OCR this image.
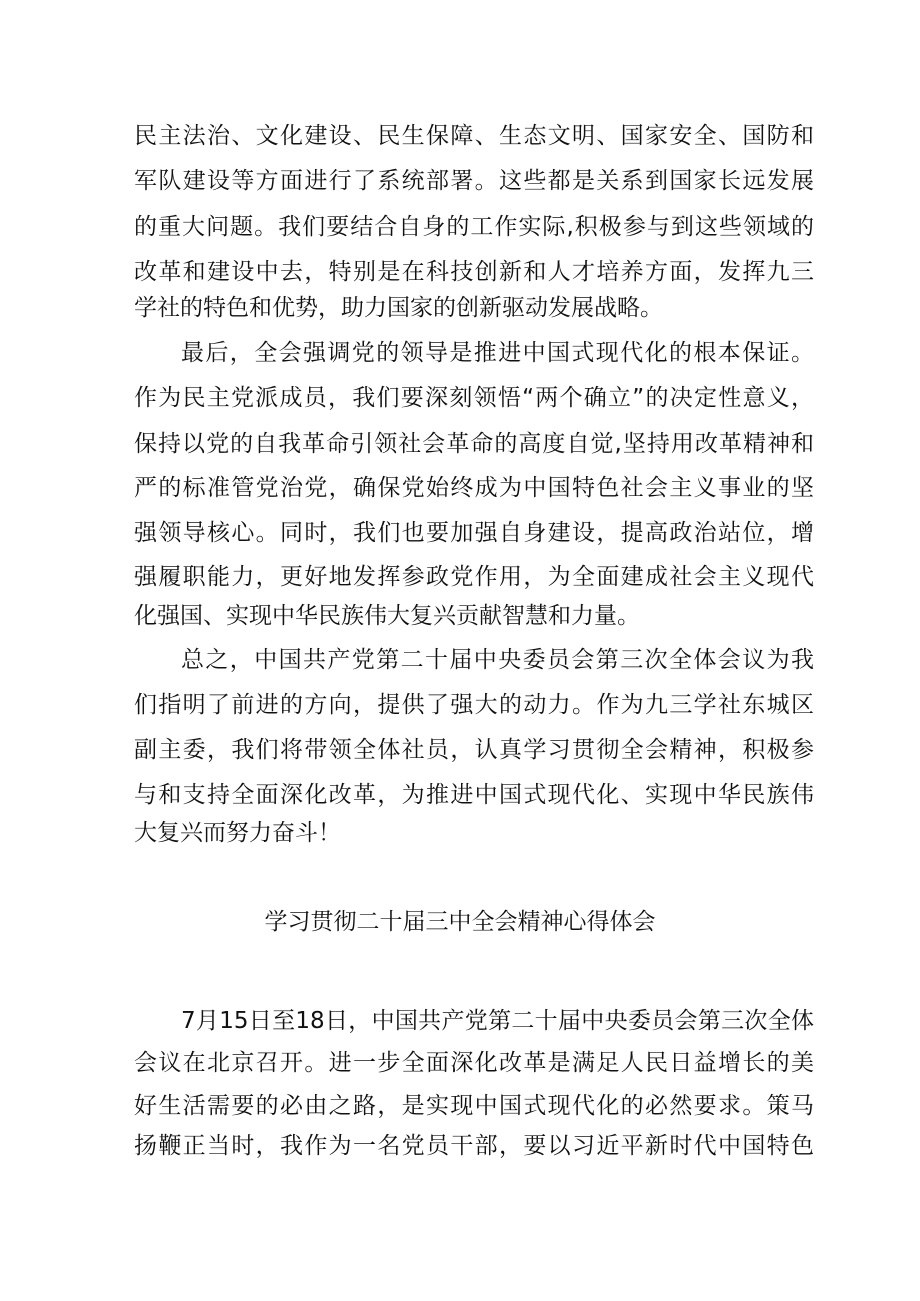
民主法治、文化建设、民生保障、生态文明、国家安全、国防和
军队建设等方面进行了系统部署。这些都是关系到国家长远发展
的重大问题。我们要结合自身的工作实际,积极参与到这些领域的
改革和建设中去，特别是在科技创新和人才培养方面，发挥九三
学社的特色和优势，助力国家的创新驱动发展战略。
最后，全会强调党的领导是推进中国式现代化的根本保证。
作为民主党派成员，我们要深刻领悟“两个确立”的决定性意义，
保持以党的自我革命引领社会革命的高度自觉,坚持用改革精神和
严的标准管党治党，确保党始终成为中国特色社会主义事业的坚
强领导核心。同时，我们也要加强自身建设，提高政治站位，增
强履职能力，更好地发挥参政党作用，为全面建成社会主义现代
化强国、实现中华民族伟大复兴贡献智慧和力量。
总之，中国共产党第二十届中央委员会第三次全体会议为我
们指明了前进的方向，提供了强大的动力。作为九三学社东城区
副主委，我们将带领全体社员，认真学习贯彻全会精神，积极参
与和支持全面深化改革，为推进中国式现代化、实现中华民族伟
大复兴而努力奋斗！
学习贯彻二十届三中全会精神心得体会
7月15日至18日，中国共产党第二十届中央委员会第三次全体
会议在北京召开。进一步全面深化改革是满足人民日益增长的美
好生活需要的必由之路，是实现中国式现代化的必然要求。策马
扬鞭正当时，我作为一名党员干部，要以习近平新时代中国特色
